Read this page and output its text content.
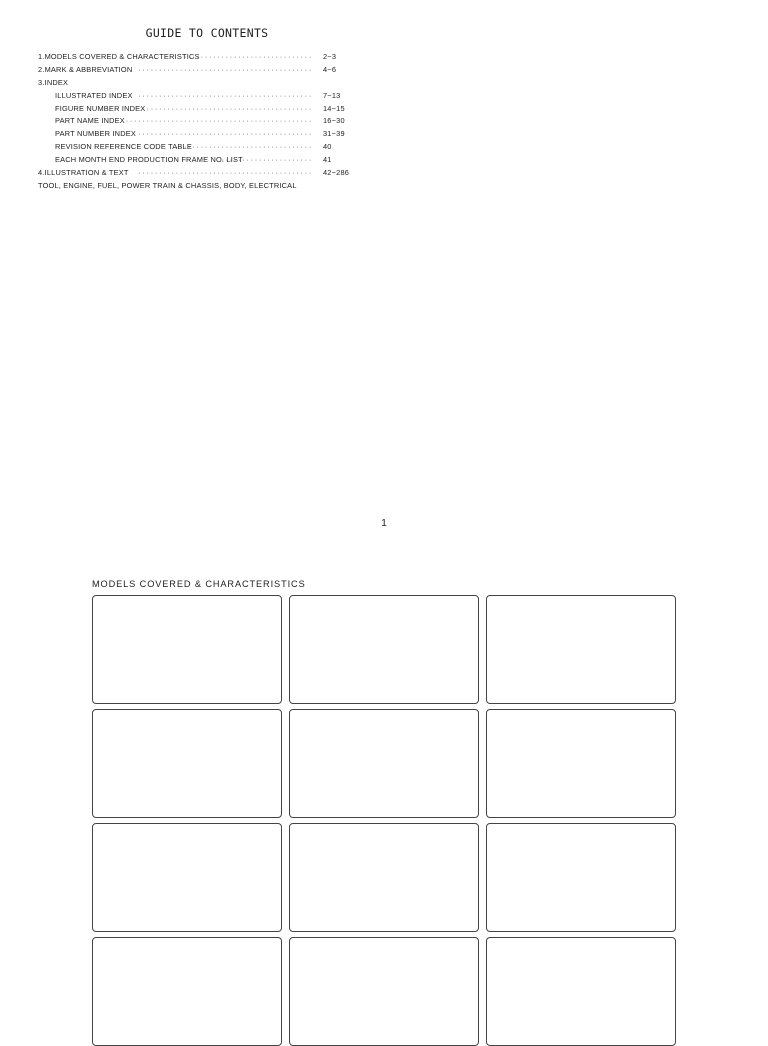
GUIDE TO CONTENTS
1.MODELS COVERED & CHARACTERISTICS
································ 2~3
2.MARK & ABBREVIATION ·········································· 4~6
3.INDEX
ILLUSTRATED INDEX ·········································· 7~13
FIGURE NUMBER INDEX ········································ 14~15
PART NAME INDEX ············································· 16~30
PART NUMBER INDEX ·········································· 31~39
REVISION REFERENCE CODE TABLE
································· 40
EACH MONTH END PRODUCTION FRAME NO. LIST
······················ 41
4.ILLUSTRATION & TEXT ·········································· 42~286
TOOL, ENGINE, FUEL, POWER TRAIN & CHASSIS, BODY, ELECTRICAL
1
MODELS COVERED & CHARACTERISTICS
